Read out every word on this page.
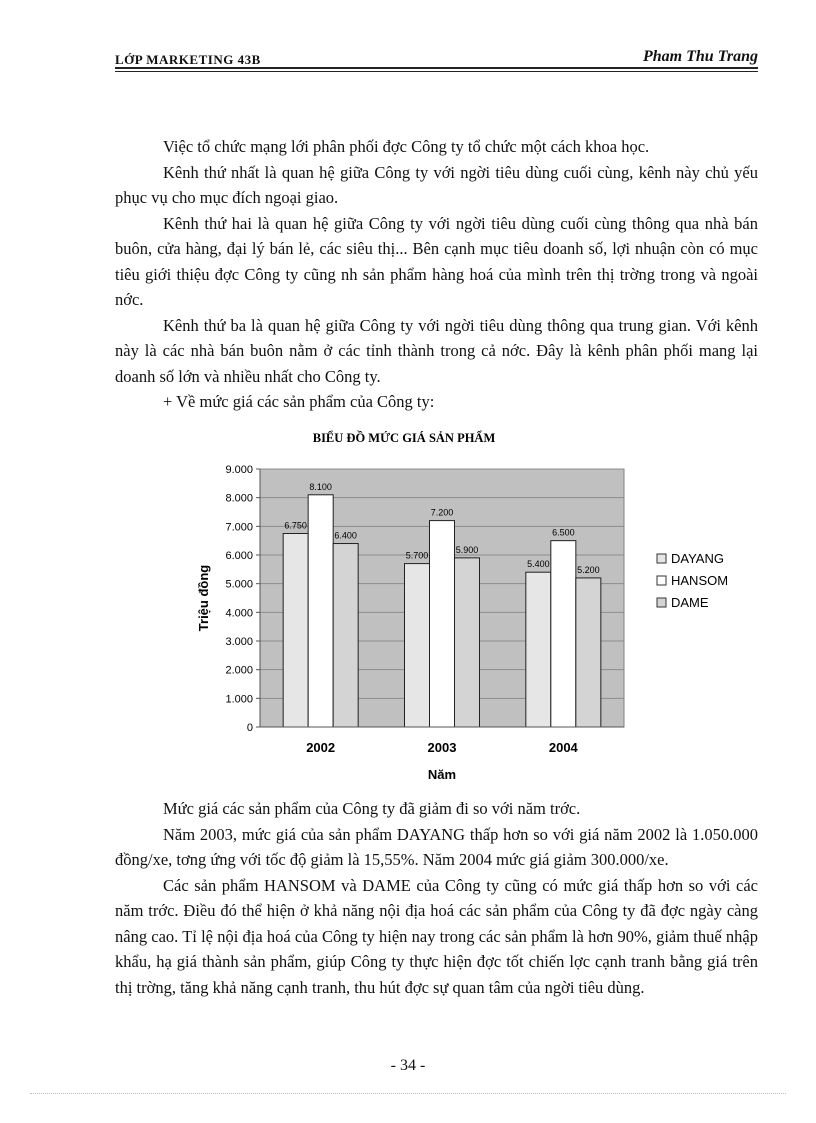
LỚP MARKETING 43B	Pham Thu Trang

Việc tổ chức mạng lới phân phối đợc Công ty tổ chức một cách khoa học.

Kênh thứ nhất là quan hệ giữa Công ty với ngời tiêu dùng cuối cùng, kênh này chủ yếu phục vụ cho mục đích ngoại giao.

Kênh thứ hai là quan hệ giữa Công ty với ngời tiêu dùng cuối cùng thông qua nhà bán buôn, cửa hàng, đại lý bán lẻ, các siêu thị... Bên cạnh mục tiêu doanh số, lợi nhuận còn có mục tiêu giới thiệu đợc Công ty cũng nh sản phẩm hàng hoá của mình trên thị trờng trong và ngoài nớc.

Kênh thứ ba là quan hệ giữa Công ty với ngời tiêu dùng thông qua trung gian. Với kênh này là các nhà bán buôn nằm ở các tỉnh thành trong cả nớc. Đây là kênh phân phối mang lại doanh số lớn và nhiều nhất cho Công ty.

+ Về mức giá các sản phẩm của Công ty:

BIỂU ĐỒ MỨC GIÁ SẢN PHẨM
0
1.000
2.000
3.000
4.000
5.000
6.000
7.000
8.000
9.000
6.750
8.100
6.400
5.700
7.200
5.900
5.400
6.500
5.200
2002	2003	2004
Triệu đồng
Năm
DAYANG
HANSOM
DAME

Mức giá các sản phẩm của Công ty đã giảm đi so với năm trớc.

Năm 2003, mức giá của sản phẩm DAYANG thấp hơn so với giá năm 2002 là 1.050.000 đồng/xe, tơng ứng với tốc độ giảm là 15,55%. Năm 2004 mức giá giảm 300.000/xe.

Các sản phẩm HANSOM và DAME của Công ty cũng có mức giá thấp hơn so với các năm trớc. Điều đó thể hiện ở khả năng nội địa hoá các sản phẩm của Công ty đã đợc ngày càng nâng cao. Tỉ lệ nội địa hoá của Công ty hiện nay trong các sản phẩm là hơn 90%, giảm thuế nhập khẩu, hạ giá thành sản phẩm, giúp Công ty thực hiện đợc tốt chiến lợc cạnh tranh bằng giá trên thị trờng, tăng khả năng cạnh tranh, thu hút đợc sự quan tâm của ngời tiêu dùng.

- 34 -
